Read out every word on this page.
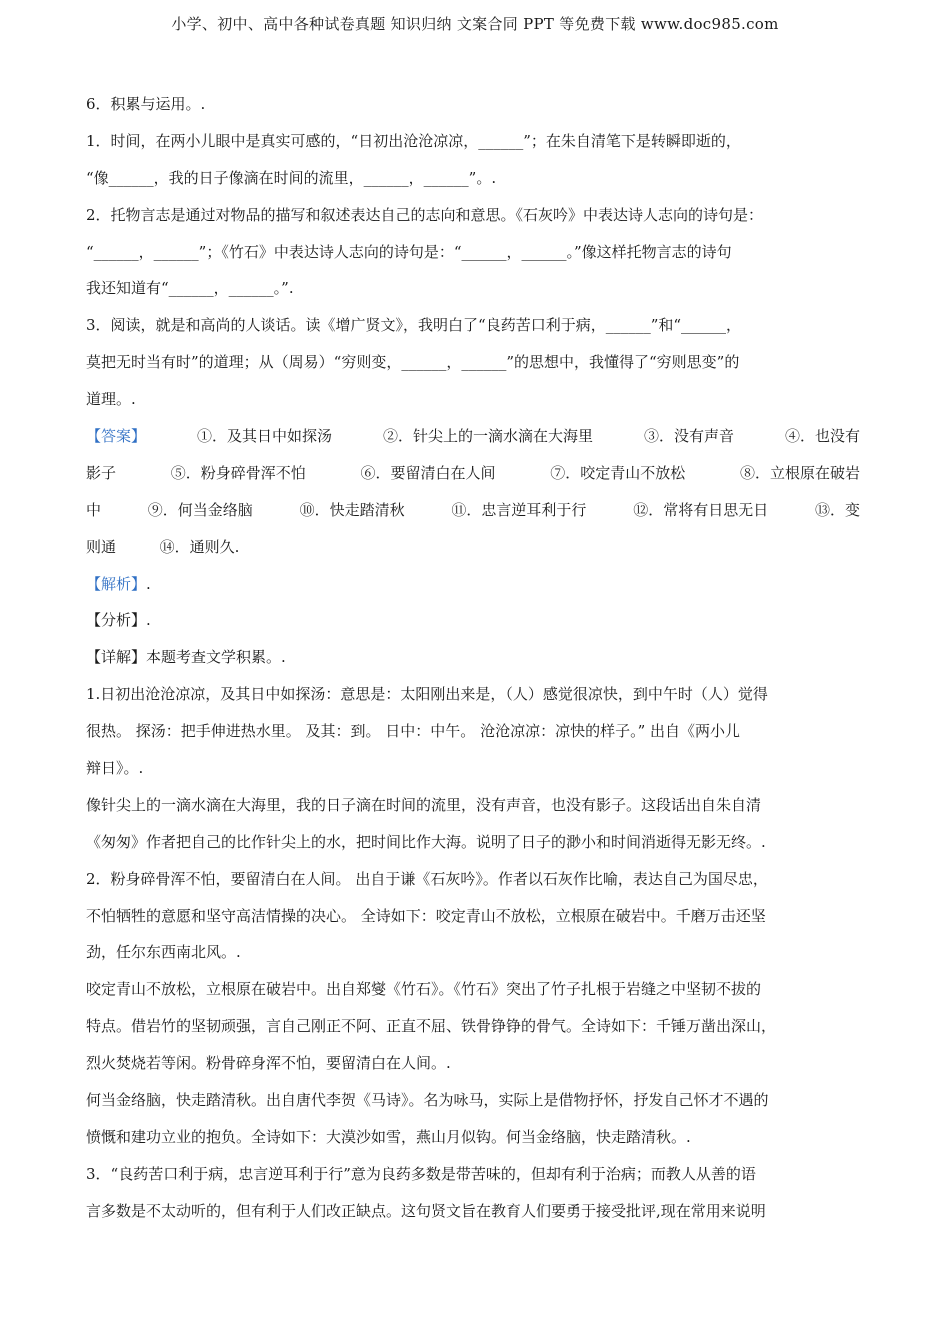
小学、初中、高中各种试卷真题 知识归纳 文案合同 PPT 等免费下载 www.doc985.com
6．积累与运用。.
1．时间，在两小儿眼中是真实可感的，“日初出沧沧凉凉，______”；在朱自清笔下是转瞬即逝的，
“像______，我的日子像滴在时间的流里，______，______”。.
2．托物言志是通过对物品的描写和叙述表达自己的志向和意思。《石灰吟》中表达诗人志向的诗句是：
“______，______”；《竹石》中表达诗人志向的诗句是：“______，______。”像这样托物言志的诗句
我还知道有“______，______。”.
3．阅读，就是和高尚的人谈话。读《增广贤文》，我明白了“良药苦口利于病，______”和“______，
莫把无时当有时”的道理；从（周易）“穷则变，______，______”的思想中，我懂得了“穷则思变”的
道理。.
【答案】	①．及其日中如探汤	②．针尖上的一滴水滴在大海里	③．没有声音	④．也没有
影子	⑤．粉身碎骨浑不怕	⑥．要留清白在人间	⑦．咬定青山不放松	⑧．立根原在破岩
中	⑨．何当金络脑	⑩．快走踏清秋	⑪．忠言逆耳利于行	⑫．常将有日思无日	⑬．变
则通	⑭．通则久.
【解析】.
【分析】.
【详解】本题考查文学积累。.
1.日初出沧沧凉凉，及其日中如探汤：意思是：太阳刚出来是，（人）感觉很凉快，到中午时（人）觉得
很热。 探汤：把手伸进热水里。 及其：到。 日中：中午。 沧沧凉凉：凉快的样子。” 出自《两小儿
辩日》。.
像针尖上的一滴水滴在大海里，我的日子滴在时间的流里，没有声音，也没有影子。这段话出自朱自清
《匆匆》作者把自己的比作针尖上的水，把时间比作大海。说明了日子的渺小和时间消逝得无影无终。.
2．粉身碎骨浑不怕，要留清白在人间。 出自于谦《石灰吟》。作者以石灰作比喻，表达自己为国尽忠，
不怕牺牲的意愿和坚守高洁情操的决心。 全诗如下：咬定青山不放松，立根原在破岩中。千磨万击还坚
劲，任尔东西南北风。.
咬定青山不放松，立根原在破岩中。出自郑燮《竹石》。《竹石》突出了竹子扎根于岩缝之中坚韧不拔的
特点。借岩竹的坚韧顽强，言自己刚正不阿、正直不屈、铁骨铮铮的骨气。全诗如下：千锤万凿出深山，
烈火焚烧若等闲。粉骨碎身浑不怕，要留清白在人间。.
何当金络脑，快走踏清秋。出自唐代李贺《马诗》。名为咏马，实际上是借物抒怀，抒发自己怀才不遇的
愤慨和建功立业的抱负。全诗如下：大漠沙如雪，燕山月似钩。何当金络脑，快走踏清秋。.
3．“良药苦口利于病，忠言逆耳利于行”意为良药多数是带苦味的，但却有利于治病；而教人从善的语
言多数是不太动听的，但有利于人们改正缺点。这句贤文旨在教育人们要勇于接受批评,现在常用来说明
